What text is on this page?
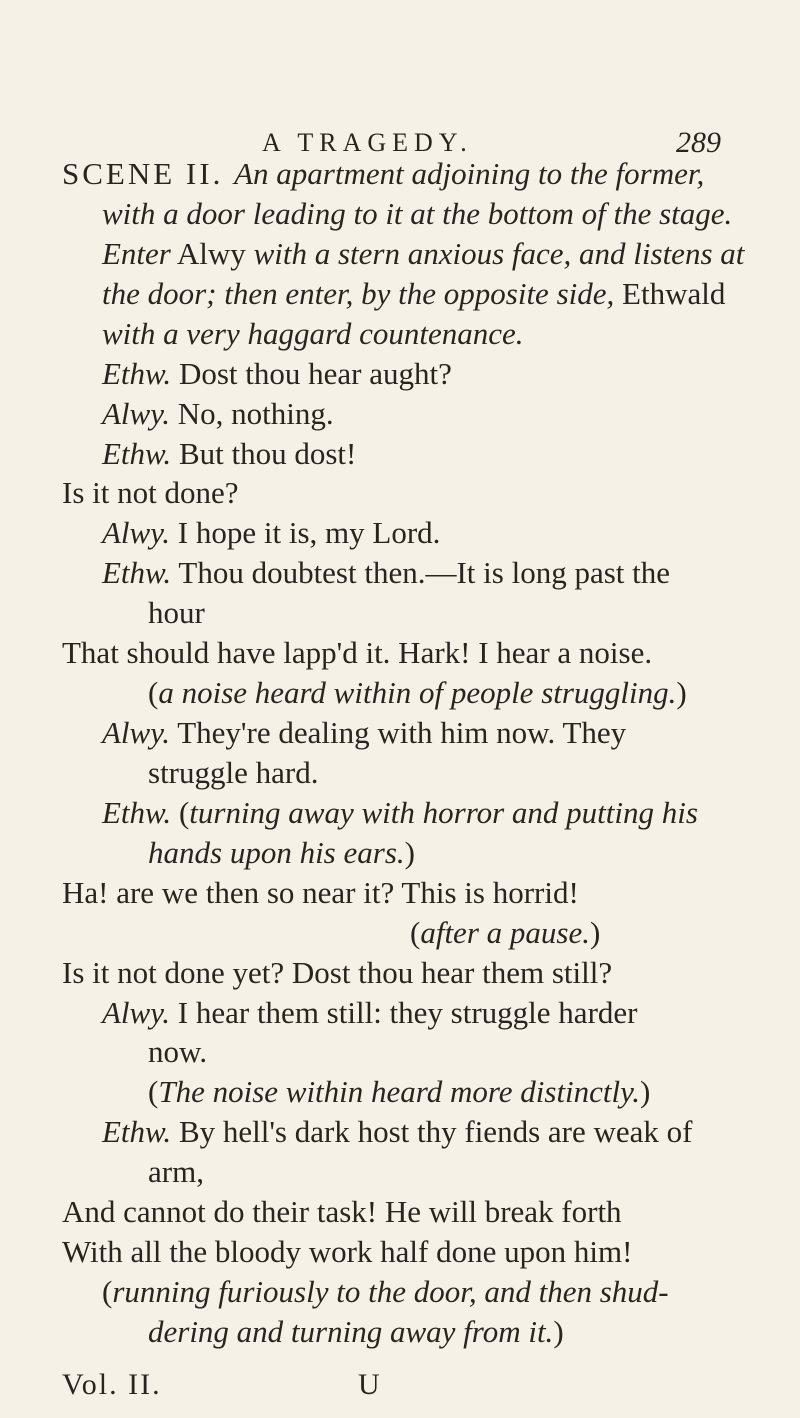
A TRAGEDY.	289
SCENE II. An apartment adjoining to the former,
with a door leading to it at the bottom of the stage.
Enter Alwy with a stern anxious face, and listens at
the door; then enter, by the opposite side, Ethwald
with a very haggard countenance.
Ethw. Dost thou hear aught?
Alwy. No, nothing.
Ethw. But thou dost!
Is it not done?
Alwy. I hope it is, my Lord.
Ethw. Thou doubtest then.—It is long past the
hour
That should have lapp'd it. Hark! I hear a noise.
(a noise heard within of people struggling.)
Alwy. They're dealing with him now. They
struggle hard.
Ethw. (turning away with horror and putting his
hands upon his ears.)
Ha! are we then so near it? This is horrid!
(after a pause.)
Is it not done yet? Dost thou hear them still?
Alwy. I hear them still: they struggle harder
now.
(The noise within heard more distinctly.)
Ethw. By hell's dark host thy fiends are weak of
arm,
And cannot do their task! He will break forth
With all the bloody work half done upon him!
(running furiously to the door, and then shud-
dering and turning away from it.)
Vol. II.	U
